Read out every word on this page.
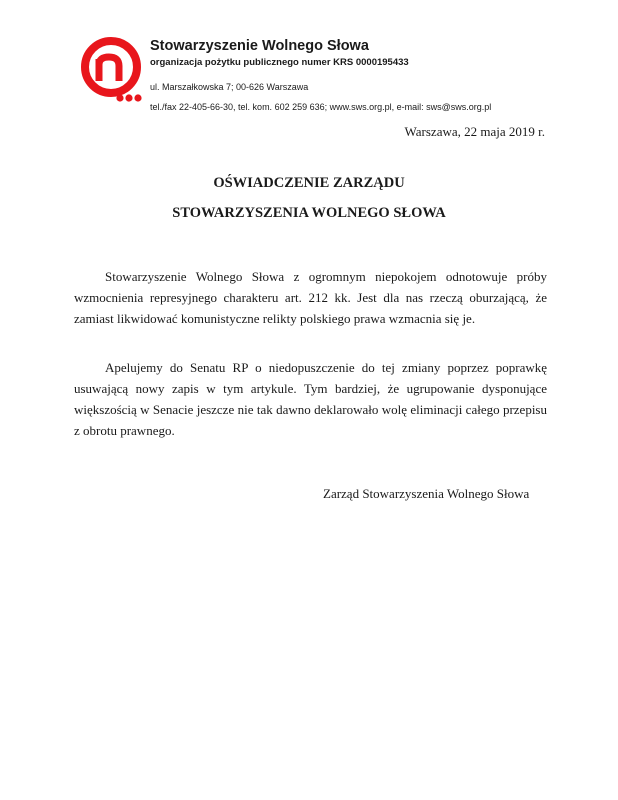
Stowarzyszenie Wolnego Słowa
organizacja pożytku publicznego numer KRS 0000195433
ul. Marszałkowska 7; 00-626 Warszawa
tel./fax 22-405-66-30, tel. kom. 602 259 636; www.sws.org.pl, e-mail: sws@sws.org.pl
Warszawa, 22 maja 2019 r.
OŚWIADCZENIE ZARZĄDU
STOWARZYSZENIA WOLNEGO SŁOWA
Stowarzyszenie Wolnego Słowa z ogromnym niepokojem odnotowuje próby wzmocnienia represyjnego charakteru art. 212 kk. Jest dla nas rzeczą oburzającą, że zamiast likwidować komunistyczne relikty polskiego prawa wzmacnia się je.
Apelujemy do Senatu RP o niedopuszczenie do tej zmiany poprzez poprawkę usuwającą nowy zapis w tym artykule. Tym bardziej, że ugrupowanie dysponujące większością w Senacie jeszcze nie tak dawno deklarowało wolę eliminacji całego przepisu z obrotu prawnego.
Zarząd Stowarzyszenia Wolnego Słowa
